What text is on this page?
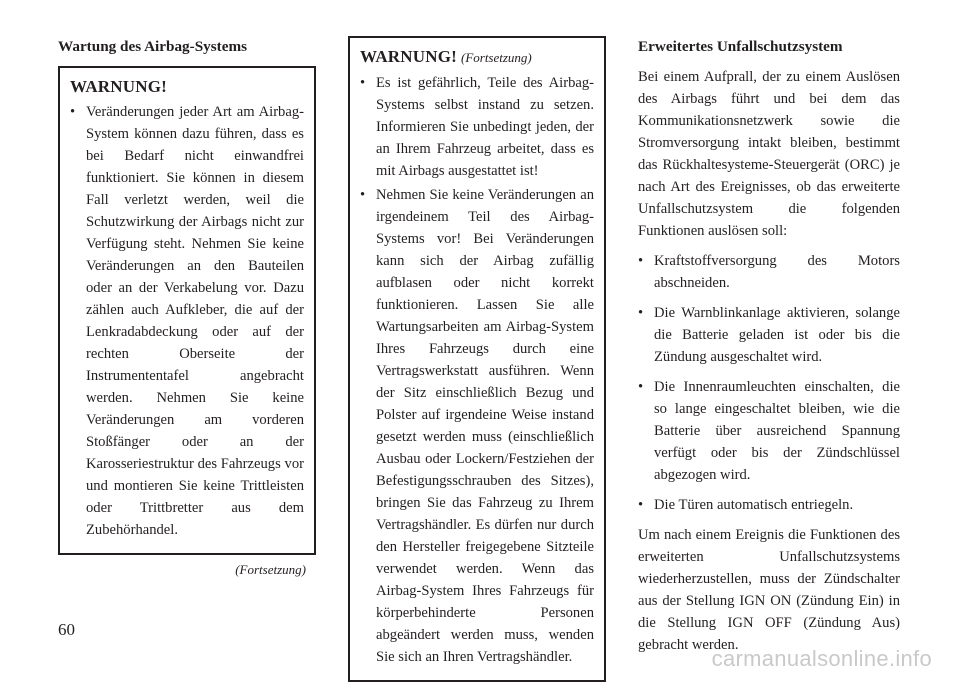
Wartung des Airbag-Systems
WARNUNG!
• Veränderungen jeder Art am Airbag-System können dazu führen, dass es bei Bedarf nicht einwandfrei funktioniert. Sie können in diesem Fall verletzt werden, weil die Schutzwirkung der Airbags nicht zur Verfügung steht. Nehmen Sie keine Veränderungen an den Bauteilen oder an der Verkabelung vor. Dazu zählen auch Aufkleber, die auf der Lenkradabdeckung oder auf der rechten Oberseite der Instrumententafel angebracht werden. Nehmen Sie keine Veränderungen am vorderen Stoßfänger oder an der Karosseriestruktur des Fahrzeugs vor und montieren Sie keine Trittleisten oder Trittbretter aus dem Zubehörhandel.
(Fortsetzung)
WARNUNG! (Fortsetzung)
• Es ist gefährlich, Teile des Airbag-Systems selbst instand zu setzen. Informieren Sie unbedingt jeden, der an Ihrem Fahrzeug arbeitet, dass es mit Airbags ausgestattet ist!
• Nehmen Sie keine Veränderungen an irgendeinem Teil des Airbag-Systems vor! Bei Veränderungen kann sich der Airbag zufällig aufblasen oder nicht korrekt funktionieren. Lassen Sie alle Wartungsarbeiten am Airbag-System Ihres Fahrzeugs durch eine Vertragswerkstatt ausführen. Wenn der Sitz einschließlich Bezug und Polster auf irgendeine Weise instand gesetzt werden muss (einschließlich Ausbau oder Lockern/Festziehen der Befestigungsschrauben des Sitzes), bringen Sie das Fahrzeug zu Ihrem Vertragshändler. Es dürfen nur durch den Hersteller freigegebene Sitzteile verwendet werden. Wenn das Airbag-System Ihres Fahrzeugs für körperbehinderte Personen abgeändert werden muss, wenden Sie sich an Ihren Vertragshändler.
Erweitertes Unfallschutzsystem

Bei einem Aufprall, der zu einem Auslösen des Airbags führt und bei dem das Kommunikationsnetzwerk sowie die Stromversorgung intakt bleiben, bestimmt das Rückhaltesysteme-Steuergerät (ORC) je nach Art des Ereignisses, ob das erweiterte Unfallschutzsystem die folgenden Funktionen auslösen soll:

• Kraftstoffversorgung des Motors abschneiden.
• Die Warnblinkanlage aktivieren, solange die Batterie geladen ist oder bis die Zündung ausgeschaltet wird.
• Die Innenraumleuchten einschalten, die so lange eingeschaltet bleiben, wie die Batterie über ausreichend Spannung verfügt oder bis der Zündschlüssel abgezogen wird.
• Die Türen automatisch entriegeln.

Um nach einem Ereignis die Funktionen des erweiterten Unfallschutzsystems wiederherzustellen, muss der Zündschalter aus der Stellung IGN ON (Zündung Ein) in die Stellung IGN OFF (Zündung Aus) gebracht werden.

60
carmanualsonline.info
